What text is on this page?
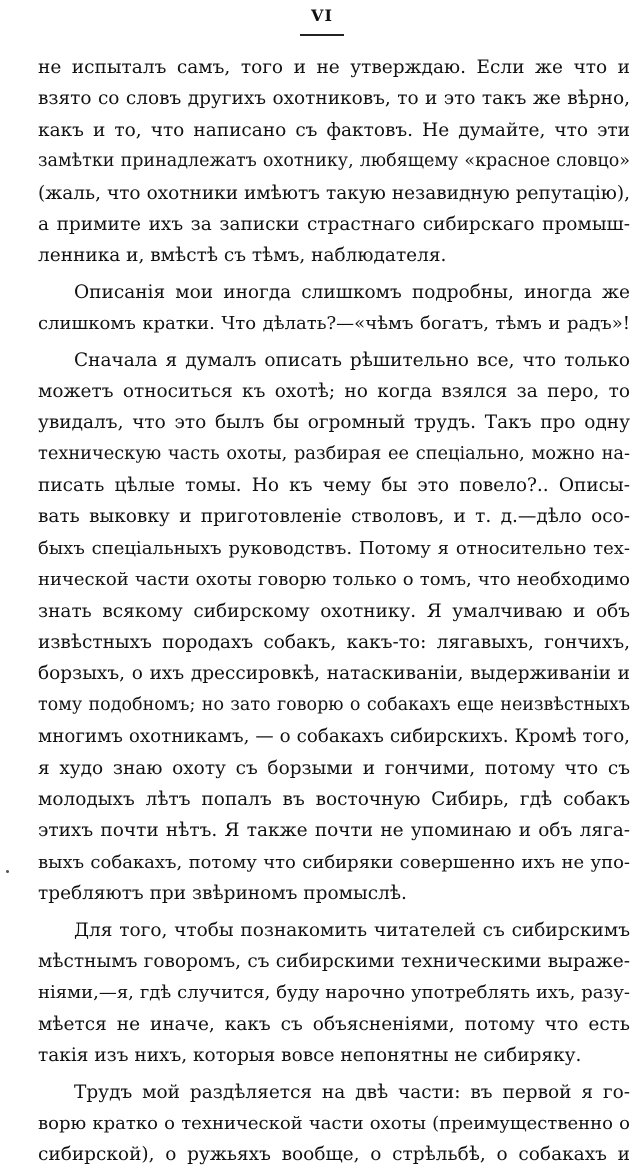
VI
не испыталъ самъ, того и не утверждаю. Если же что и
взято со словъ другихъ охотниковъ, то и это такъ же вѣрно,
какъ и то, что написано съ фактовъ. Не думайте, что эти
замѣтки принадлежатъ охотнику, любящему «красное словцо»
(жаль, что охотники имѣютъ такую незавидную репутацію),
а примите ихъ за записки страстнаго сибирскаго промыш-
ленника и, вмѣстѣ съ тѣмъ, наблюдателя.
Описанія мои иногда слишкомъ подробны, иногда же
слишкомъ кратки. Что дѣлать?—«чѣмъ богатъ, тѣмъ и радъ»!
Сначала я думалъ описать рѣшительно все, что только
можетъ относиться къ охотѣ; но когда взялся за перо, то
увидалъ, что это былъ бы огромный трудъ. Такъ про одну
техническую часть охоты, разбирая ее спеціально, можно на-
писать цѣлые томы. Но къ чему бы это повело?.. Описы-
вать выковку и приготовленіе стволовъ, и т. д.—дѣло осо-
быхъ спеціальныхъ руководствъ. Потому я относительно тех-
нической части охоты говорю только о томъ, что необходимо
знать всякому сибирскому охотнику. Я умалчиваю и объ
извѣстныхъ породахъ собакъ, какъ-то: лягавыхъ, гончихъ,
борзыхъ, о ихъ дрессировкѣ, натаскиваніи, выдерживаніи и
тому подобномъ; но зато говорю о собакахъ еще неизвѣстныхъ
многимъ охотникамъ, — о собакахъ сибирскихъ. Кромѣ того,
я худо знаю охоту съ борзыми и гончими, потому что съ
молодыхъ лѣтъ попалъ въ восточную Сибирь, гдѣ собакъ
этихъ почти нѣтъ. Я также почти не упоминаю и объ ляга-
выхъ собакахъ, потому что сибиряки совершенно ихъ не упо-
требляютъ при звѣриномъ промыслѣ.
Для того, чтобы познакомить читателей съ сибирскимъ
мѣстнымъ говоромъ, съ сибирскими техническими выраже-
ніями,—я, гдѣ случится, буду нарочно употреблять ихъ, разу-
мѣется не иначе, какъ съ объясненіями, потому что есть
такія изъ нихъ, которыя вовсе непонятны не сибиряку.
Трудъ мой раздѣляется на двѣ части: въ первой я го-
ворю кратко о технической части охоты (преимущественно о
сибирской), о ружьяхъ вообще, о стрѣльбѣ, о собакахъ и
